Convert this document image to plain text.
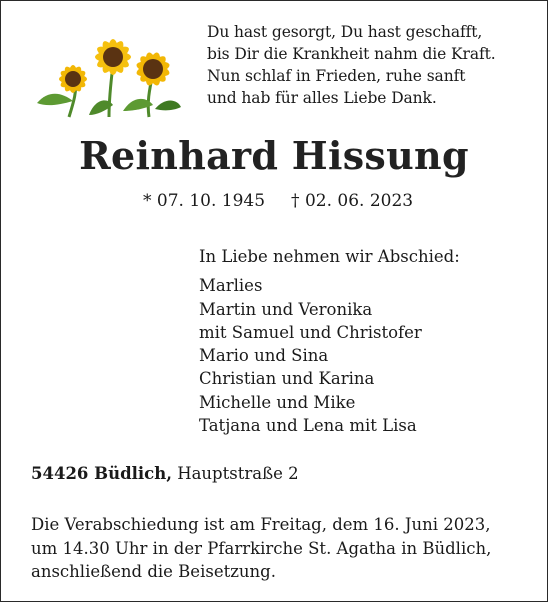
Du hast gesorgt, Du hast geschafft,
bis Dir die Krankheit nahm die Kraft.
Nun schlaf in Frieden, ruhe sanft
und hab für alles Liebe Dank.
Reinhard Hissung
* 07. 10. 1945 † 02. 06. 2023
In Liebe nehmen wir Abschied:
Marlies
Martin und Veronika
mit Samuel und Christofer
Mario und Sina
Christian und Karina
Michelle und Mike
Tatjana und Lena mit Lisa
54426 Büdlich, Hauptstraße 2
Die Verabschiedung ist am Freitag, dem 16. Juni 2023,
um 14.30 Uhr in der Pfarrkirche St. Agatha in Büdlich,
anschließend die Beisetzung.
